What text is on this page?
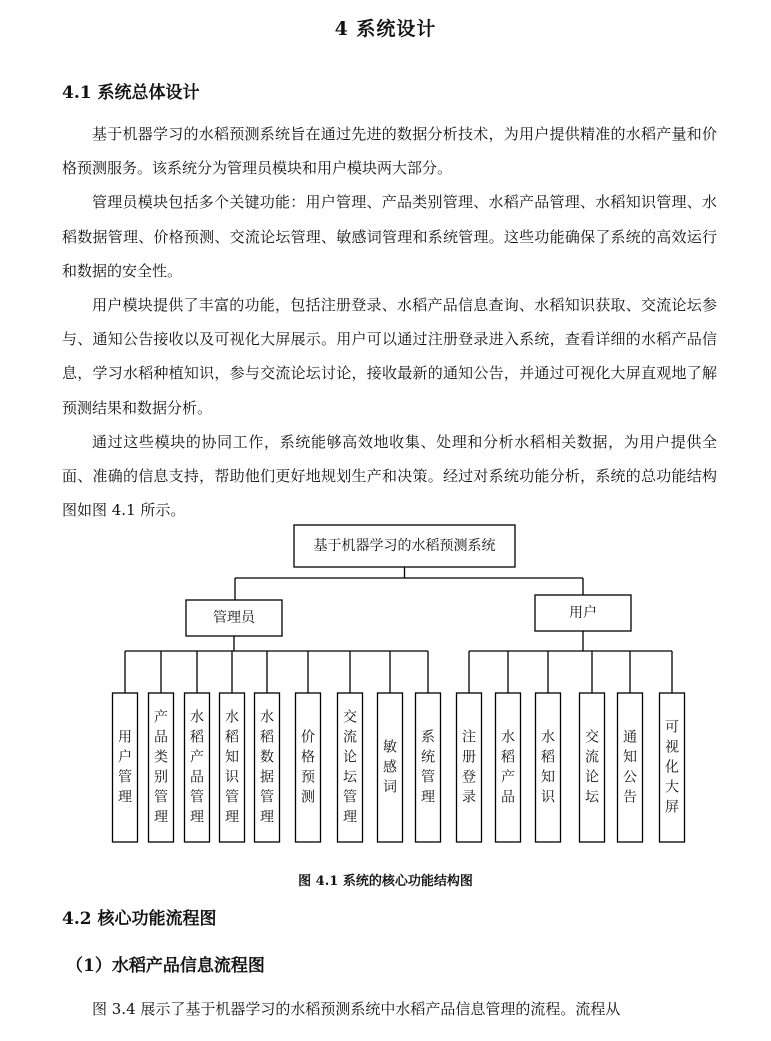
4 系统设计
4.1 系统总体设计

基于机器学习的水稻预测系统旨在通过先进的数据分析技术，为用户提供精准的水稻产量和价格预测服务。该系统分为管理员模块和用户模块两大部分。

管理员模块包括多个关键功能：用户管理、产品类别管理、水稻产品管理、水稻知识管理、水稻数据管理、价格预测、交流论坛管理、敏感词管理和系统管理。这些功能确保了系统的高效运行和数据的安全性。

用户模块提供了丰富的功能，包括注册登录、水稻产品信息查询、水稻知识获取、交流论坛参与、通知公告接收以及可视化大屏展示。用户可以通过注册登录进入系统，查看详细的水稻产品信息，学习水稻种植知识，参与交流论坛讨论，接收最新的通知公告，并通过可视化大屏直观地了解预测结果和数据分析。

通过这些模块的协同工作，系统能够高效地收集、处理和分析水稻相关数据，为用户提供全面、准确的信息支持，帮助他们更好地规划生产和决策。经过对系统功能分析，系统的总功能结构图如图 4.1 所示。

基于机器学习的水稻预测系统
管理员	用户
用户管理
产品类别管理
水稻产品管理
水稻知识管理
水稻数据管理
价格预测
交流论坛管理
敏感词
系统管理
注册登录
水稻产品
水稻知识
交流论坛
通知公告
可视化大屏
图 4.1 系统的核心功能结构图
4.2 核心功能流程图
（1）水稻产品信息流程图
图 3.4 展示了基于机器学习的水稻预测系统中水稻产品信息管理的流程。流程从
